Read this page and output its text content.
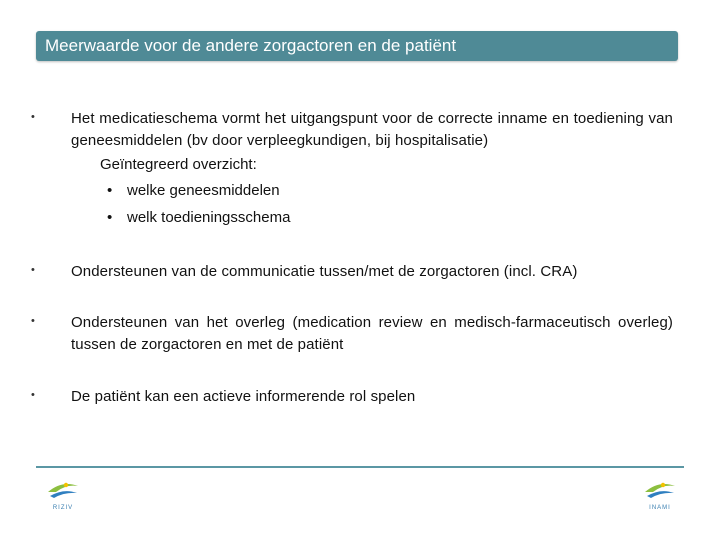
Meerwaarde voor de andere zorgactoren en de patiënt
• Het medicatieschema vormt het uitgangspunt voor de correcte inname en toediening van geneesmiddelen (bv door verpleegkundigen, bij hospitalisatie)
Geïntegreerd overzicht:
• welke geneesmiddelen
• welk toedieningsschema
• Ondersteunen van de communicatie tussen/met de zorgactoren (incl. CRA)
• Ondersteunen van het overleg (medication review en medisch-farmaceutisch overleg) tussen de zorgactoren en met de patiënt
• De patiënt kan een actieve informerende rol spelen
RIZIV	INAMI
